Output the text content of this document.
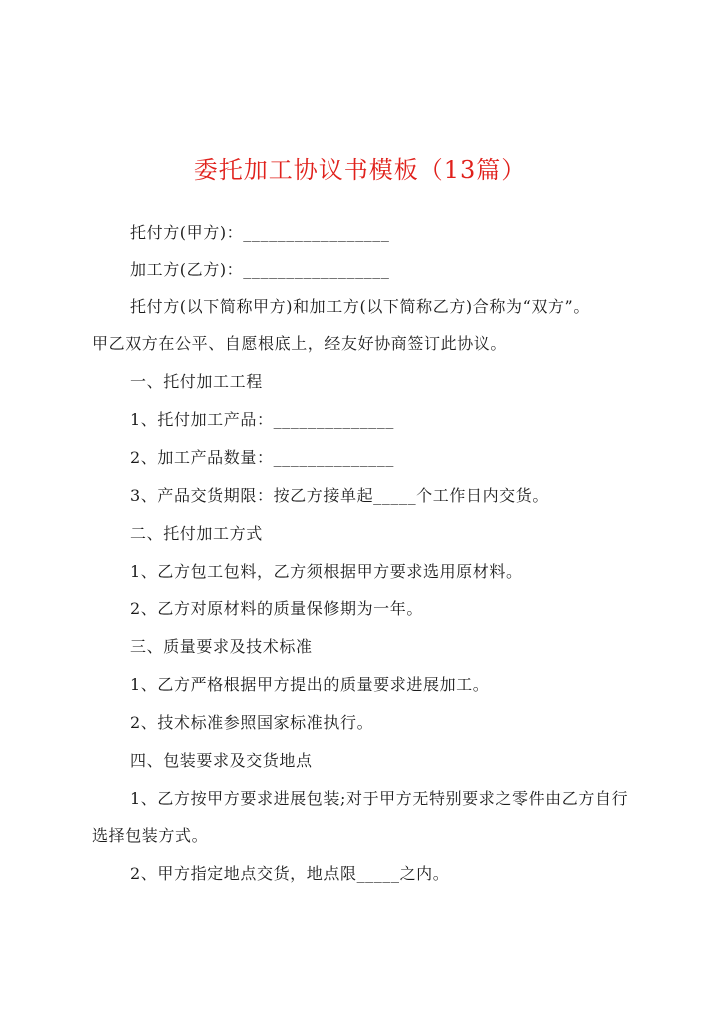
委托加工协议书模板（13篇）
托付方(甲方)：_________________
加工方(乙方)：_________________
托付方(以下简称甲方)和加工方(以下简称乙方)合称为“双方”。
甲乙双方在公平、自愿根底上，经友好协商签订此协议。
一、托付加工工程
1、托付加工产品：______________
2、加工产品数量：______________
3、产品交货期限：按乙方接单起_____个工作日内交货。
二、托付加工方式
1、乙方包工包料，乙方须根据甲方要求选用原材料。
2、乙方对原材料的质量保修期为一年。
三、质量要求及技术标准
1、乙方严格根据甲方提出的质量要求进展加工。
2、技术标准参照国家标准执行。
四、包装要求及交货地点
1、乙方按甲方要求进展包装;对于甲方无特别要求之零件由乙方自行
选择包装方式。
2、甲方指定地点交货，地点限_____之内。
